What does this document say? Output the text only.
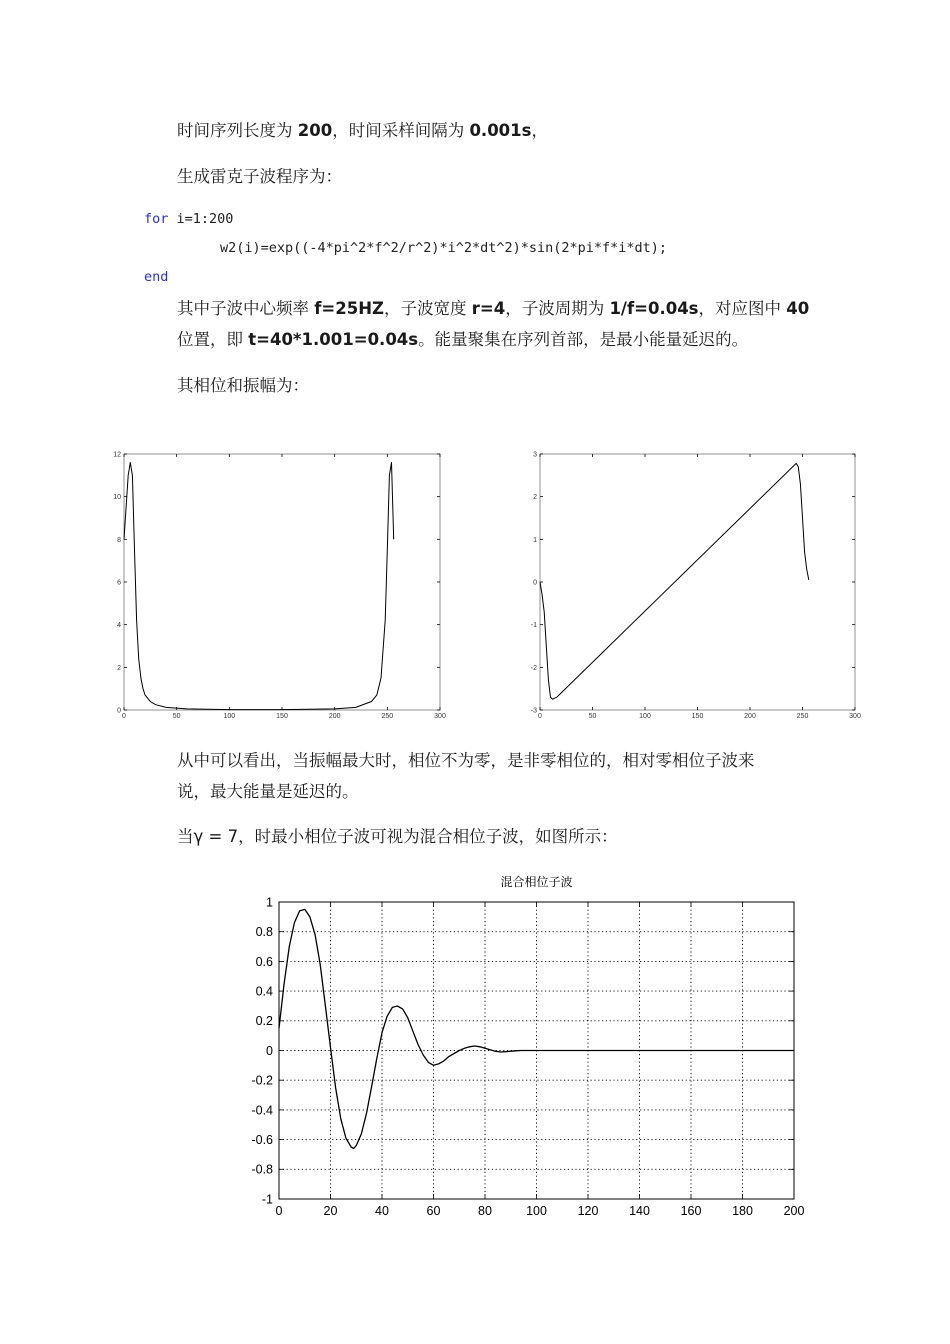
时间序列长度为 200，时间采样间隔为 0.001s，

生成雷克子波程序为：

for i=1:200
w2(i)=exp((-4*pi^2*f^2/r^2)*i^2*dt^2)*sin(2*pi*f*i*dt);
end

其中子波中心频率 f=25HZ，子波宽度 r=4，子波周期为 1/f=0.04s，对应图中 40
位置，即 t=40*1.001=0.04s。能量聚集在序列首部，是最小能量延迟的。

其相位和振幅为：

0	50	100	150	200	250	300
0
2
4
6
8
10
12
0	50	100	150	200	250	300
-3
-2
-1
0
1
2
3

从中可以看出，当振幅最大时，相位不为零，是非零相位的，相对零相位子波来
说，最大能量是延迟的。

当γ = 7，时最小相位子波可视为混合相位子波，如图所示：

0	20	40	60	80	100 120 140 160 180 200
1
0.8
0.6
0.4
0.2
0
-0.2
-0.4
-0.6
-0.8
-1
混合相位子波
